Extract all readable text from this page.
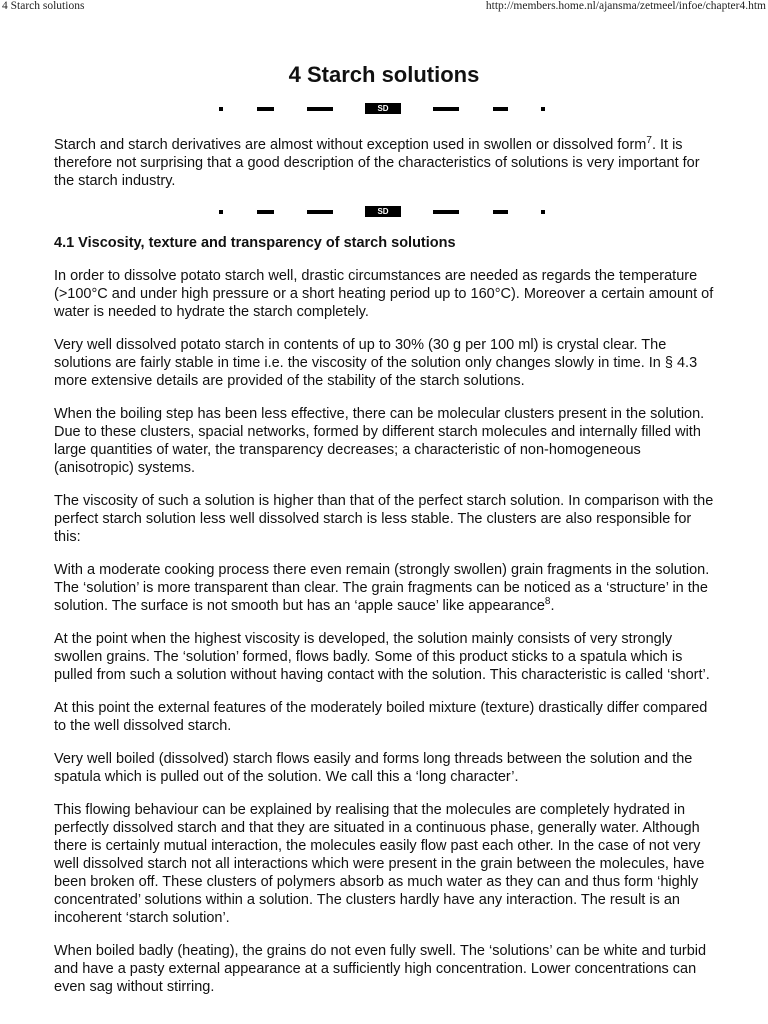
4 Starch solutions	http://members.home.nl/ajansma/zetmeel/infoe/chapter4.htm
4 Starch solutions
SD

Starch and starch derivatives are almost without exception used in swollen or dissolved form$^7$. It is therefore not surprising that a good description of the characteristics of solutions is very important for the starch industry.

SD
4.1 Viscosity, texture and transparency of starch solutions

In order to dissolve potato starch well, drastic circumstances are needed as regards the temperature (>100°C and under high pressure or a short heating period up to 160°C). Moreover a certain amount of water is needed to hydrate the starch completely.

Very well dissolved potato starch in contents of up to 30% (30 g per 100 ml) is crystal clear. The solutions are fairly stable in time i.e. the viscosity of the solution only changes slowly in time. In § 4.3 more extensive details are provided of the stability of the starch solutions.

When the boiling step has been less effective, there can be molecular clusters present in the solution. Due to these clusters, spacial networks, formed by different starch molecules and internally filled with large quantities of water, the transparency decreases; a characteristic of non-homogeneous (anisotropic) systems.

The viscosity of such a solution is higher than that of the perfect starch solution. In comparison with the perfect starch solution less well dissolved starch is less stable. The clusters are also responsible for this:

With a moderate cooking process there even remain (strongly swollen) grain fragments in the solution. The ‘solution’ is more transparent than clear. The grain fragments can be noticed as a ‘structure’ in the solution. The surface is not smooth but has an ‘apple sauce’ like appearance$^8$.

At the point when the highest viscosity is developed, the solution mainly consists of very strongly swollen grains. The ‘solution’ formed, flows badly. Some of this product sticks to a spatula which is pulled from such a solution without having contact with the solution. This characteristic is called ‘short’.

At this point the external features of the moderately boiled mixture (texture) drastically differ compared to the well dissolved starch.

Very well boiled (dissolved) starch flows easily and forms long threads between the solution and the spatula which is pulled out of the solution. We call this a ‘long character’.

This flowing behaviour can be explained by realising that the molecules are completely hydrated in perfectly dissolved starch and that they are situated in a continuous phase, generally water. Although there is certainly mutual interaction, the molecules easily flow past each other. In the case of not very well dissolved starch not all interactions which were present in the grain between the molecules, have been broken off. These clusters of polymers absorb as much water as they can and thus form ‘highly concentrated’ solutions within a solution. The clusters hardly have any interaction. The result is an incoherent ‘starch solution’.

When boiled badly (heating), the grains do not even fully swell. The ‘solutions’ can be white and turbid and have a pasty external appearance at a sufficiently high concentration. Lower concentrations can even sag without stirring.
